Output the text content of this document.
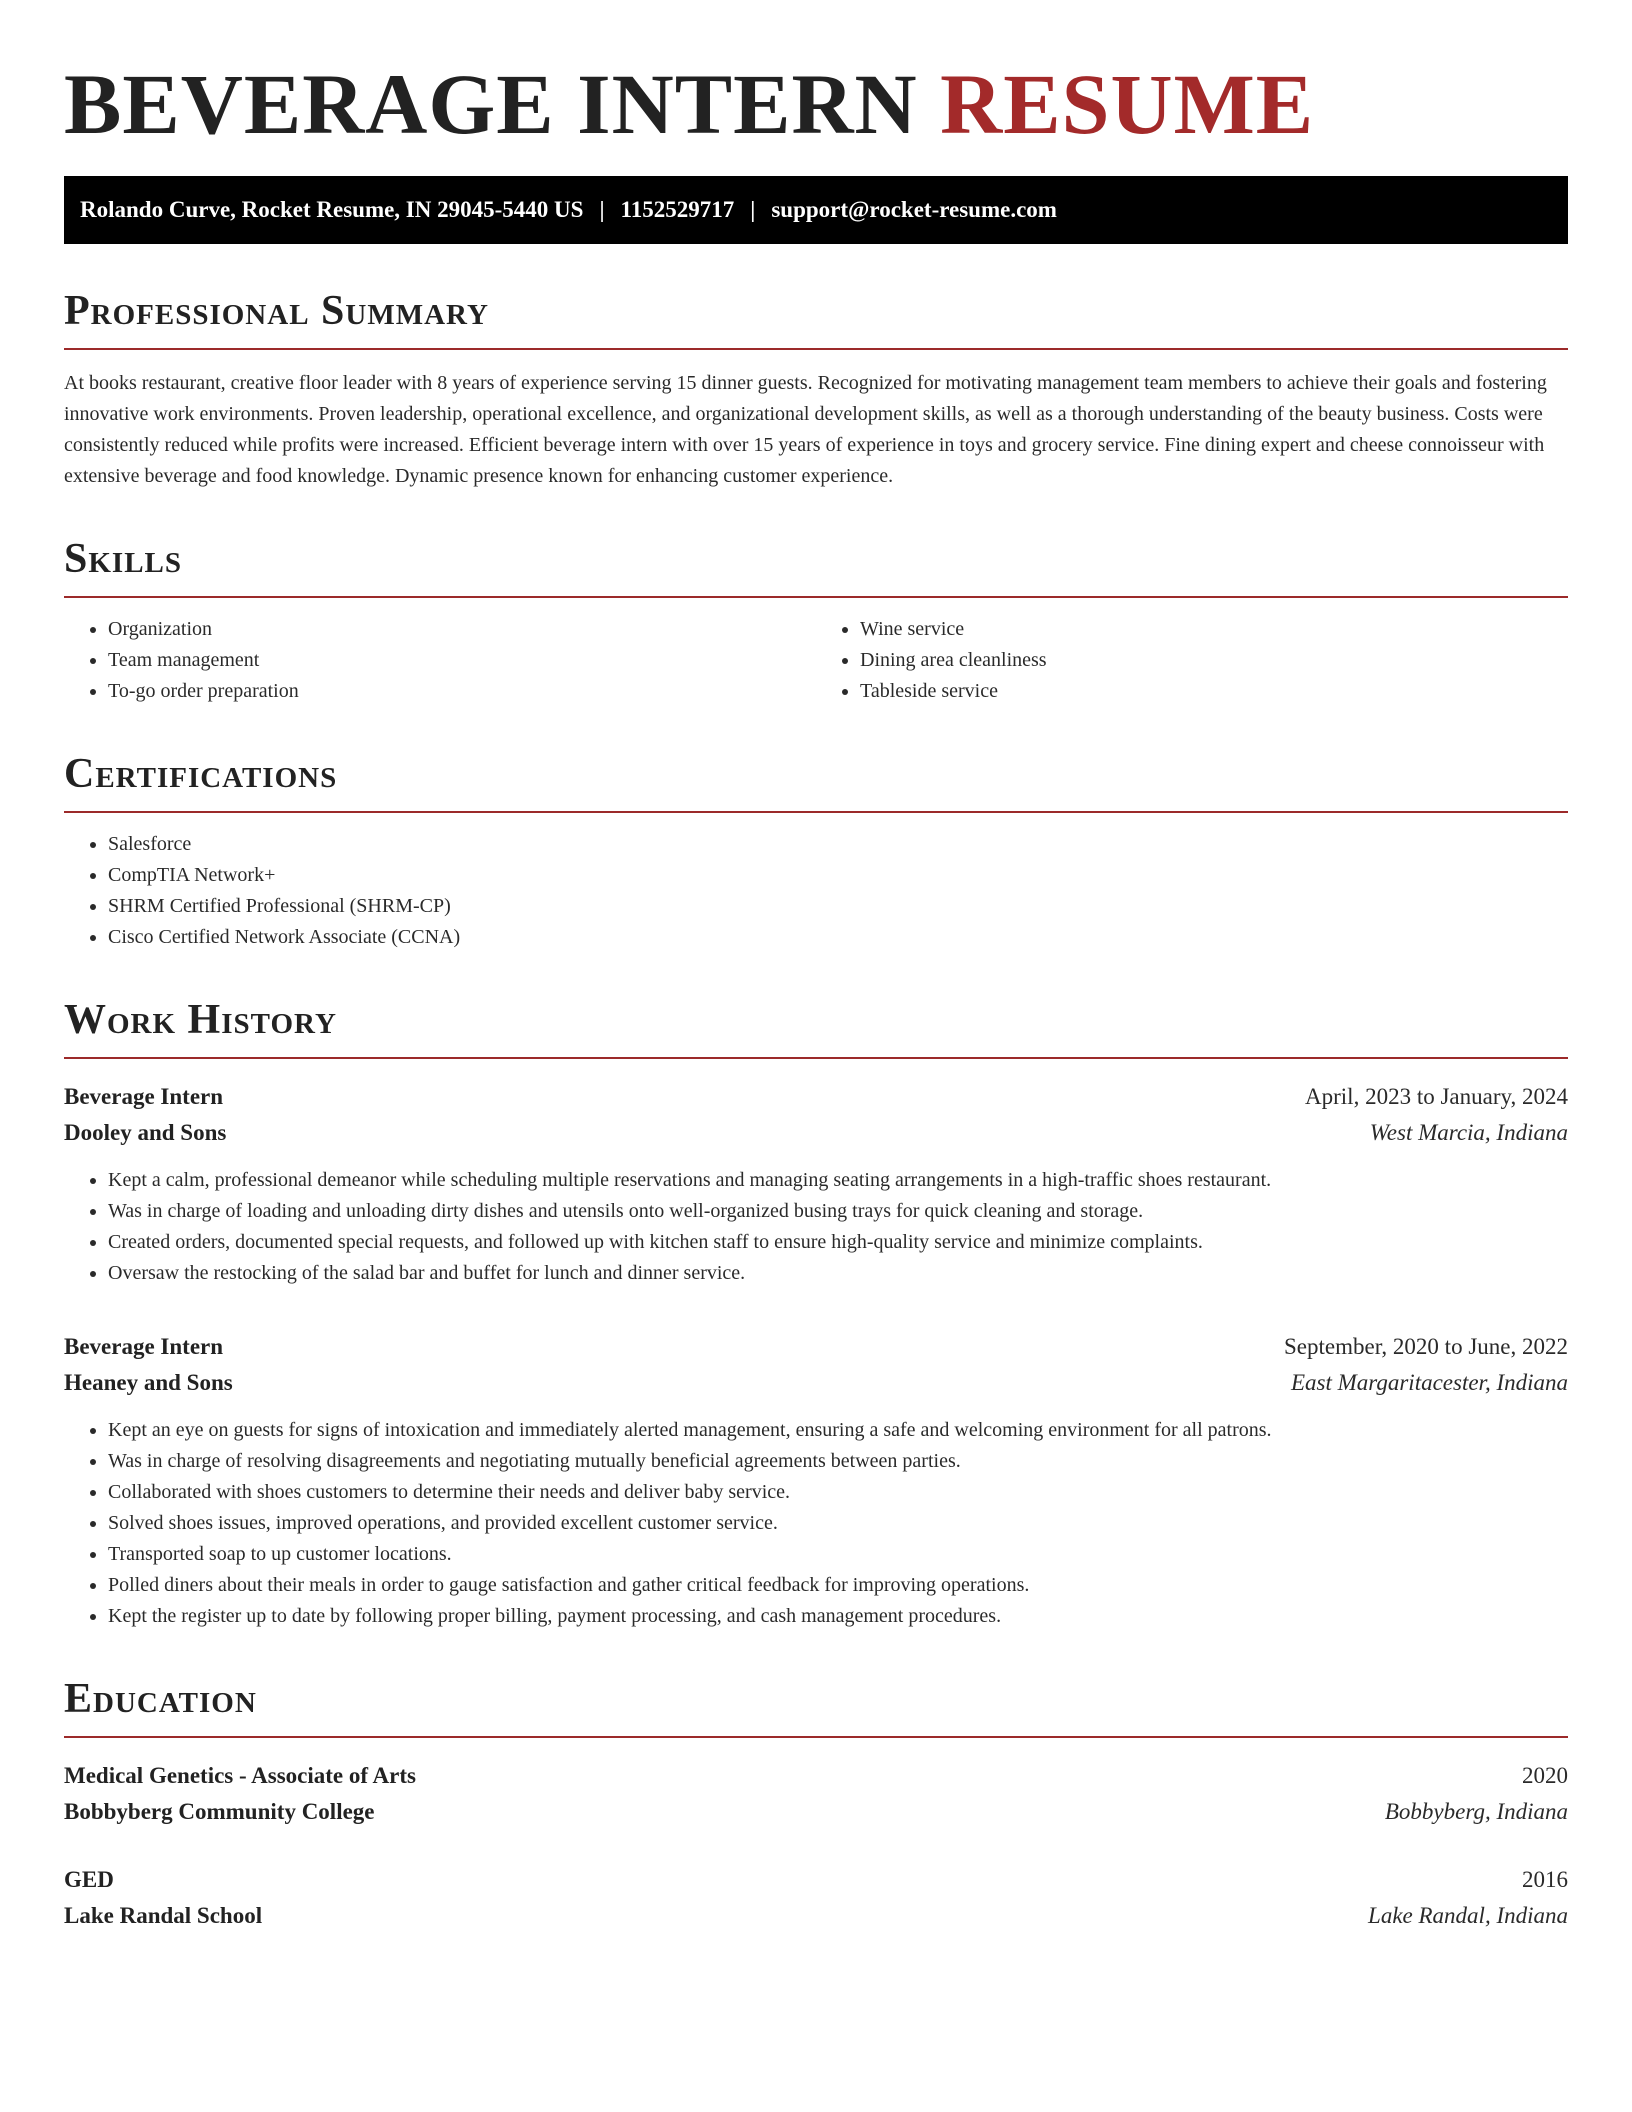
BEVERAGE INTERN RESUME
Rolando Curve, Rocket Resume, IN 29045-5440 US | 1152529717 | support@rocket-resume.com
Professional Summary

At books restaurant, creative floor leader with 8 years of experience serving 15 dinner guests. Recognized for motivating management team members to achieve their goals and fostering innovative work environments. Proven leadership, operational excellence, and organizational development skills, as well as a thorough understanding of the beauty business. Costs were consistently reduced while profits were increased. Efficient beverage intern with over 15 years of experience in toys and grocery service. Fine dining expert and cheese connoisseur with extensive beverage and food knowledge. Dynamic presence known for enhancing customer experience.

Skills
• Organization
• Team management
• To-go order preparation
• Wine service
• Dining area cleanliness
• Tableside service
Certifications
• Salesforce
• CompTIA Network+
• SHRM Certified Professional (SHRM-CP)
• Cisco Certified Network Associate (CCNA)
Work History
Beverage Intern	April, 2023 to January, 2024
Dooley and Sons	West Marcia, Indiana
• Kept a calm, professional demeanor while scheduling multiple reservations and managing seating arrangements in a high-traffic shoes restaurant.
• Was in charge of loading and unloading dirty dishes and utensils onto well-organized busing trays for quick cleaning and storage.
• Created orders, documented special requests, and followed up with kitchen staff to ensure high-quality service and minimize complaints.
• Oversaw the restocking of the salad bar and buffet for lunch and dinner service.
Beverage Intern	September, 2020 to June, 2022
Heaney and Sons	East Margaritacester, Indiana
• Kept an eye on guests for signs of intoxication and immediately alerted management, ensuring a safe and welcoming environment for all patrons.
• Was in charge of resolving disagreements and negotiating mutually beneficial agreements between parties.
• Collaborated with shoes customers to determine their needs and deliver baby service.
• Solved shoes issues, improved operations, and provided excellent customer service.
• Transported soap to up customer locations.
• Polled diners about their meals in order to gauge satisfaction and gather critical feedback for improving operations.
• Kept the register up to date by following proper billing, payment processing, and cash management procedures.
Education
Medical Genetics - Associate of Arts	2020
Bobbyberg Community College	Bobbyberg, Indiana
GED	2016
Lake Randal School	Lake Randal, Indiana
